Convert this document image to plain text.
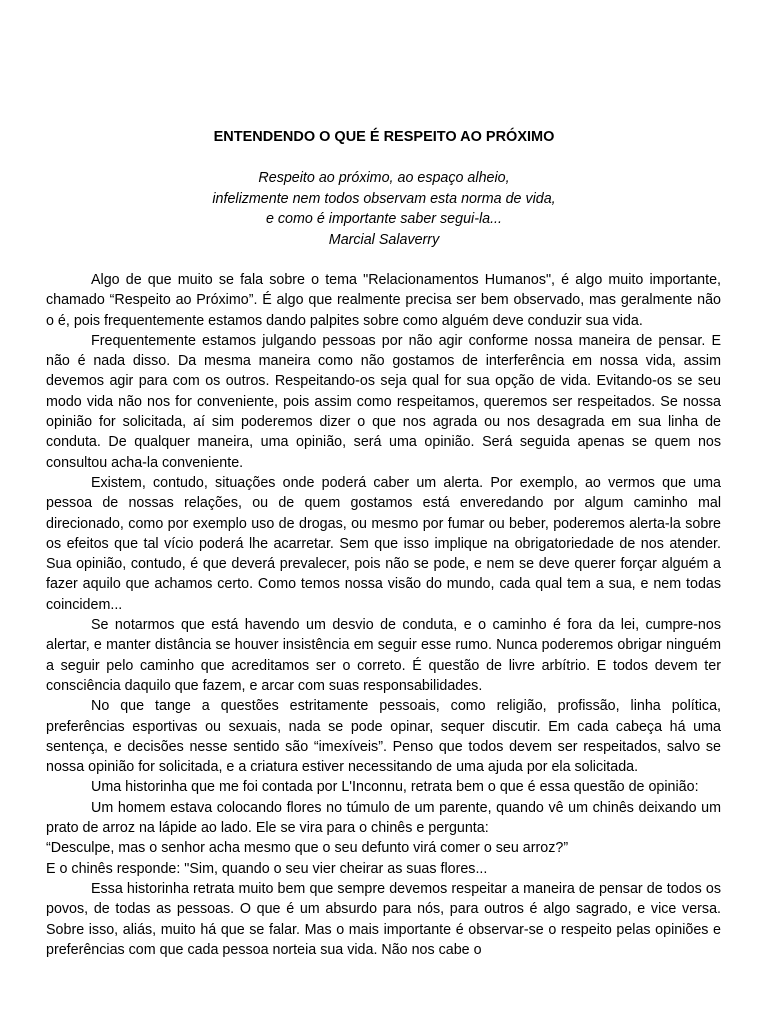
ENTENDENDO O QUE É RESPEITO AO PRÓXIMO
Respeito ao próximo, ao espaço alheio,
infelizmente nem todos observam esta norma de vida,
e como é importante saber segui-la...
Marcial Salaverry

Algo de que muito se fala sobre o tema "Relacionamentos Humanos", é algo muito importante, chamado “Respeito ao Próximo”. É algo que realmente precisa ser bem observado, mas geralmente não o é, pois frequentemente estamos dando palpites sobre como alguém deve conduzir sua vida.

Frequentemente estamos julgando pessoas por não agir conforme nossa maneira de pensar. E não é nada disso. Da mesma maneira como não gostamos de interferência em nossa vida, assim devemos agir para com os outros. Respeitando-os seja qual for sua opção de vida. Evitando-os se seu modo vida não nos for conveniente, pois assim como respeitamos, queremos ser respeitados. Se nossa opinião for solicitada, aí sim poderemos dizer o que nos agrada ou nos desagrada em sua linha de conduta. De qualquer maneira, uma opinião, será uma opinião. Será seguida apenas se quem nos consultou acha-la conveniente.

Existem, contudo, situações onde poderá caber um alerta. Por exemplo, ao vermos que uma pessoa de nossas relações, ou de quem gostamos está enveredando por algum caminho mal direcionado, como por exemplo uso de drogas, ou mesmo por fumar ou beber, poderemos alerta-la sobre os efeitos que tal vício poderá lhe acarretar. Sem que isso implique na obrigatoriedade de nos atender. Sua opinião, contudo, é que deverá prevalecer, pois não se pode, e nem se deve querer forçar alguém a fazer aquilo que achamos certo. Como temos nossa visão do mundo, cada qual tem a sua, e nem todas coincidem...

Se notarmos que está havendo um desvio de conduta, e o caminho é fora da lei, cumpre-nos alertar, e manter distância se houver insistência em seguir esse rumo. Nunca poderemos obrigar ninguém a seguir pelo caminho que acreditamos ser o correto. É questão de livre arbítrio. E todos devem ter consciência daquilo que fazem, e arcar com suas responsabilidades.

No que tange a questões estritamente pessoais, como religião, profissão, linha política, preferências esportivas ou sexuais, nada se pode opinar, sequer discutir. Em cada cabeça há uma sentença, e decisões nesse sentido são “imexíveis”. Penso que todos devem ser respeitados, salvo se nossa opinião for solicitada, e a criatura estiver necessitando de uma ajuda por ela solicitada.

Uma historinha que me foi contada por L'Inconnu, retrata bem o que é essa questão de opinião:

Um homem estava colocando flores no túmulo de um parente, quando vê um chinês deixando um prato de arroz na lápide ao lado. Ele se vira para o chinês e pergunta:

“Desculpe, mas o senhor acha mesmo que o seu defunto virá comer o seu arroz?”

E o chinês responde: "Sim, quando o seu vier cheirar as suas flores...

Essa historinha retrata muito bem que sempre devemos respeitar a maneira de pensar de todos os povos, de todas as pessoas. O que é um absurdo para nós, para outros é algo sagrado, e vice versa. Sobre isso, aliás, muito há que se falar. Mas o mais importante é observar-se o respeito pelas opiniões e preferências com que cada pessoa norteia sua vida. Não nos cabe o
